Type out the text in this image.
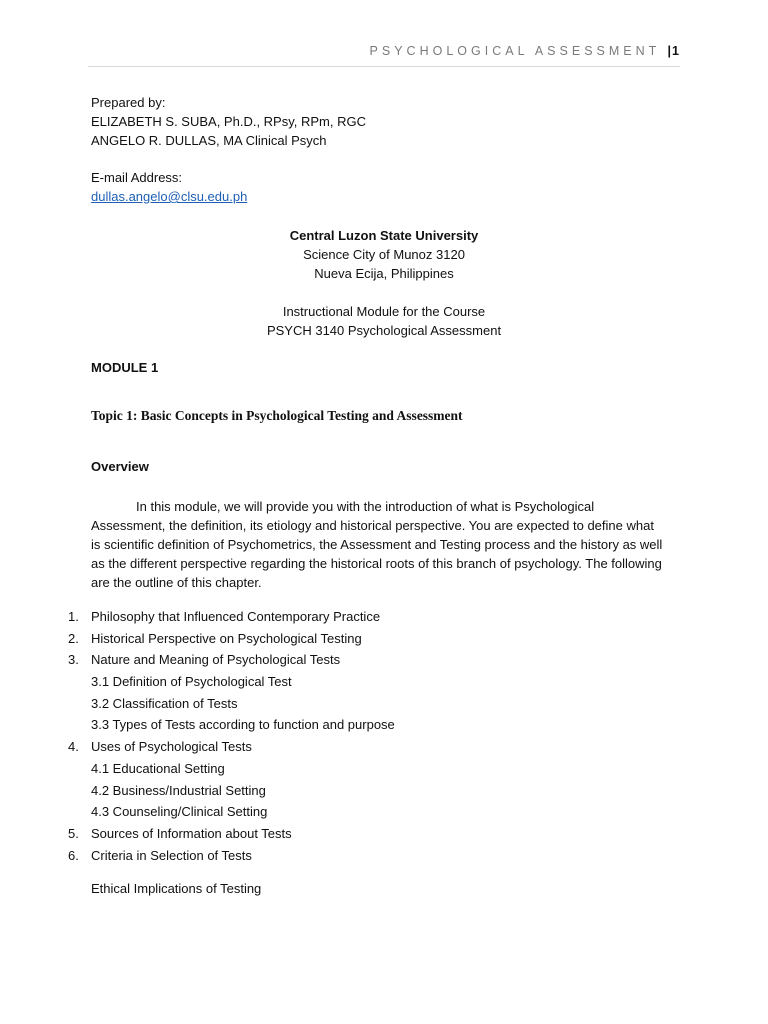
PSYCHOLOGICAL ASSESSMENT |1
Prepared by:
ELIZABETH S. SUBA, Ph.D., RPsy, RPm, RGC
ANGELO R. DULLAS, MA Clinical Psych
E-mail Address:
dullas.angelo@clsu.edu.ph
Central Luzon State University
Science City of Munoz 3120
Nueva Ecija, Philippines
Instructional Module for the Course
PSYCH 3140 Psychological Assessment
MODULE 1
Topic 1: Basic Concepts in Psychological Testing and Assessment
Overview
In this module, we will provide you with the introduction of what is Psychological Assessment, the definition, its etiology and historical perspective. You are expected to define what is scientific definition of Psychometrics, the Assessment and Testing process and the history as well as the different perspective regarding the historical roots of this branch of psychology. The following are the outline of this chapter.
1. Philosophy that Influenced Contemporary Practice
2. Historical Perspective on Psychological Testing
3. Nature and Meaning of Psychological Tests
3.1 Definition of Psychological Test
3.2 Classification of Tests
3.3 Types of Tests according to function and purpose
4. Uses of Psychological Tests
4.1 Educational Setting
4.2 Business/Industrial Setting
4.3 Counseling/Clinical Setting
5. Sources of Information about Tests
6. Criteria in Selection of Tests
Ethical Implications of Testing
